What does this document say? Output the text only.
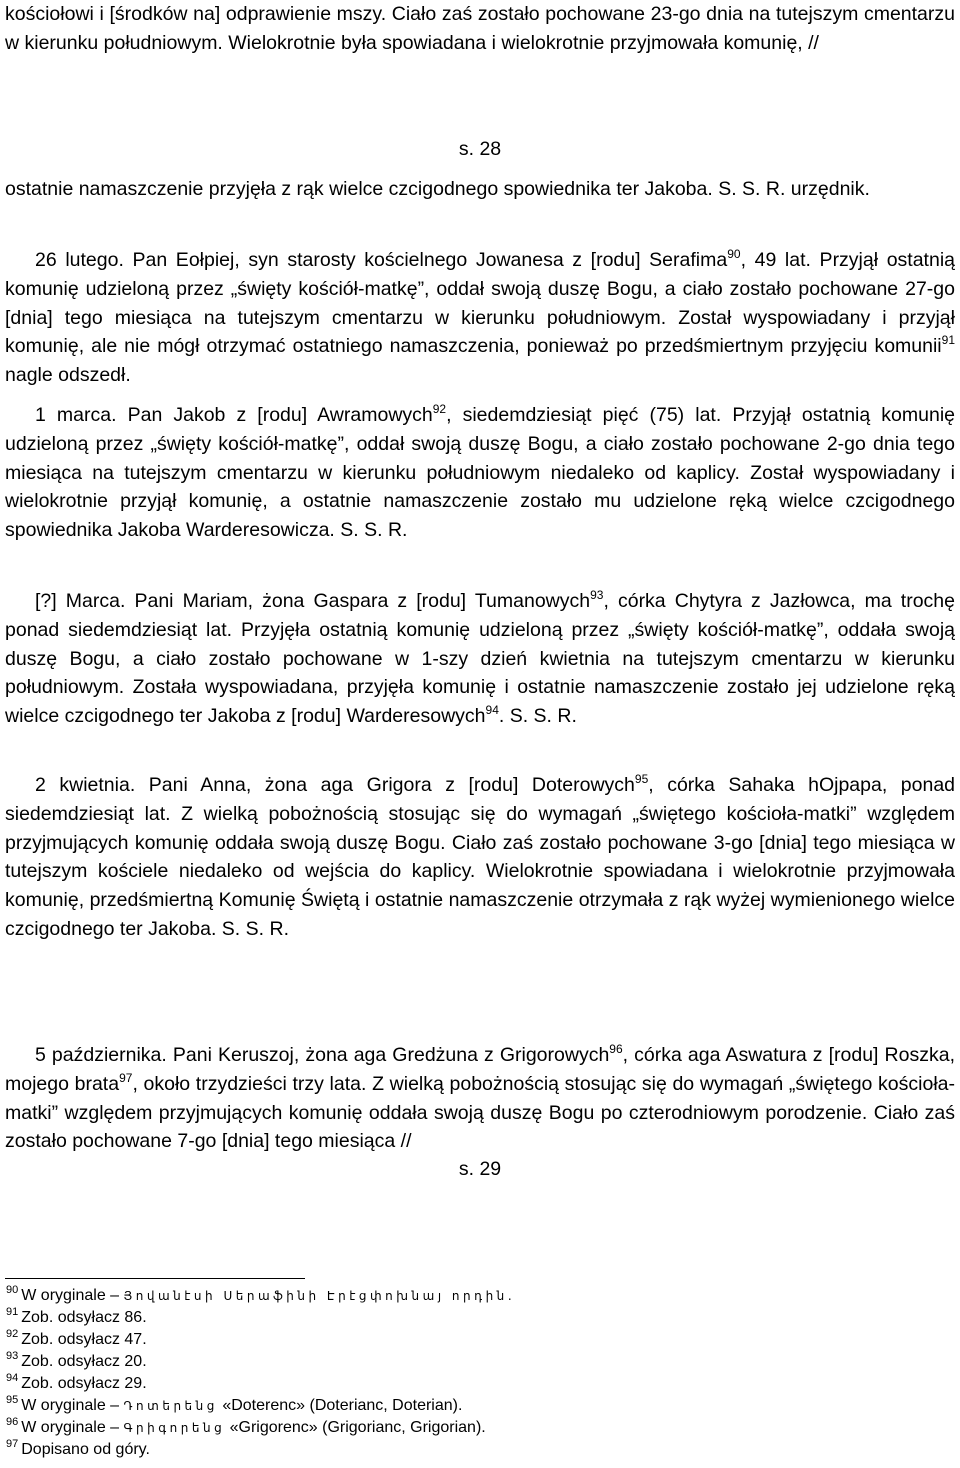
kościołowi i [środków na] odprawienie mszy. Ciało zaś zostało pochowane 23-go dnia na tutejszym cmentarzu w kierunku południowym. Wielokrotnie była spowiadana i wielokrotnie przyjmowała komunię, //

s. 28

ostatnie namaszczenie przyjęła z rąk wielce czcigodnego spowiednika ter Jakoba. S. S. R. urzędnik.

26 lutego. Pan Eołpiej, syn starosty kościelnego Jowanesa z [rodu] Serafima$^{90}$, 49 lat. Przyjął ostatnią komunię udzieloną przez „święty kościół-matkę”, oddał swoją duszę Bogu, a ciało zostało pochowane 27-go [dnia] tego miesiąca na tutejszym cmentarzu w kierunku południowym. Został wyspowiadany i przyjął komunię, ale nie mógł otrzymać ostatniego namaszczenia, ponieważ po przedśmiertnym przyjęciu komunii$^{91}$ nagle odszedł.

1 marca. Pan Jakob z [rodu] Awramowych$^{92}$, siedemdziesiąt pięć (75) lat. Przyjął ostatnią komunię udzieloną przez „święty kościół-matkę”, oddał swoją duszę Bogu, a ciało zostało pochowane 2-go dnia tego miesiąca na tutejszym cmentarzu w kierunku południowym niedaleko od kaplicy. Został wyspowiadany i wielokrotnie przyjął komunię, a ostatnie namaszczenie zostało mu udzielone ręką wielce czcigodnego spowiednika Jakoba Warderesowicza. S. S. R.

[?] Marca. Pani Mariam, żona Gaspara z [rodu] Tumanowych$^{93}$, córka Chytyra z Jazłowca, ma trochę ponad siedemdziesiąt lat. Przyjęła ostatnią komunię udzieloną przez „święty kościół-matkę”, oddała swoją duszę Bogu, a ciało zostało pochowane w 1-szy dzień kwietnia na tutejszym cmentarzu w kierunku południowym. Została wyspowiadana, przyjęła komunię i ostatnie namaszczenie zostało jej udzielone ręką wielce czcigodnego ter Jakoba z [rodu] Warderesowych$^{94}$. S. S. R.

2 kwietnia. Pani Anna, żona aga Grigora z [rodu] Doterowych$^{95}$, córka Sahaka hOjpapa, ponad siedemdziesiąt lat. Z wielką pobożnością stosując się do wymagań „świętego kościoła-matki” względem przyjmujących komunię oddała swoją duszę Bogu. Ciało zaś zostało pochowane 3-go [dnia] tego miesiąca w tutejszym kościele niedaleko od wejścia do kaplicy. Wielokrotnie spowiadana i wielokrotnie przyjmowała komunię, przedśmiertną Komunię Świętą i ostatnie namaszczenie otrzymała z rąk wyżej wymienionego wielce czcigodnego ter Jakoba. S. S. R.

5 października. Pani Keruszoj, żona aga Gredżuna z Grigorowych$^{96}$, córka aga Aswatura z [rodu] Roszka, mojego brata$^{97}$, około trzydzieści trzy lata. Z wielką pobożnością stosując się do wymagań „świętego kościoła-matki” względem przyjmujących komunię oddała swoją duszę Bogu po czterodniowym porodzenie. Ciało zaś zostało pochowane 7-go [dnia] tego miesiąca //

s. 29

$^{90}$ W oryginale – Յովանէսի Սերաֆինի Էրէցփոխնայ որդին․

$^{91}$ Zob. odsyłacz 86.

$^{92}$ Zob. odsyłacz 47.

$^{93}$ Zob. odsyłacz 20.

$^{94}$ Zob. odsyłacz 29.

$^{95}$ W oryginale – Դոտերենց «Doterenc» (Doterianc, Doterian).

$^{96}$ W oryginale – Գրիգորենց «Grigorenc» (Grigorianc, Grigorian).

$^{97}$ Dopisano od góry.
